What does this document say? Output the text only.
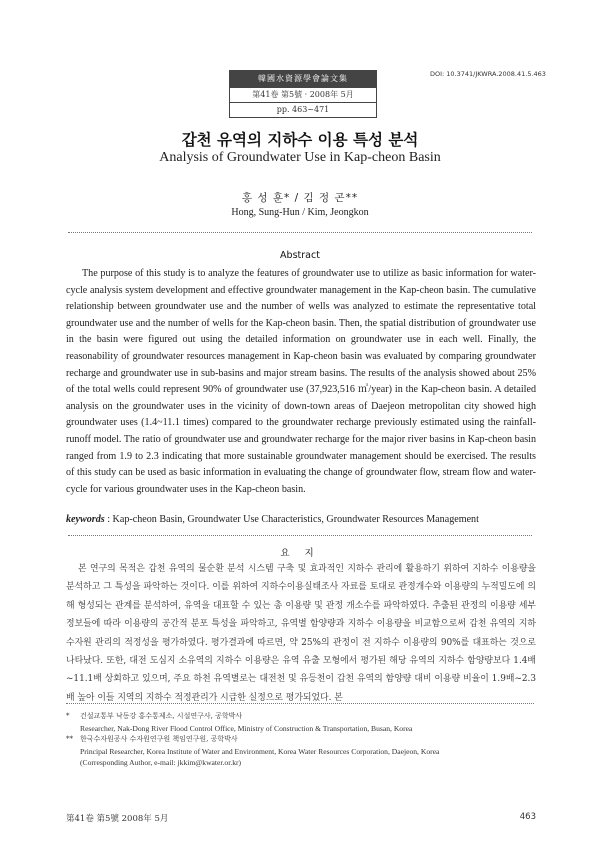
韓國水資源學會論文集
第41卷 第5號 · 2008年 5月
pp. 463~471
DOI: 10.3741/JKWRA.2008.41.5.463
갑천 유역의 지하수 이용 특성 분석
Analysis of Groundwater Use in Kap-cheon Basin
홍 성 훈* / 김 정 곤**
Hong, Sung-Hun / Kim, Jeongkon
Abstract

The purpose of this study is to analyze the features of groundwater use to utilize as basic information for water-cycle analysis system development and effective groundwater management in the Kap-cheon basin. The cumulative relationship between groundwater use and the number of wells was analyzed to estimate the representative total groundwater use and the number of wells for the Kap-cheon basin. Then, the spatial distribution of groundwater use in the basin were figured out using the detailed information on groundwater use in each well. Finally, the reasonability of groundwater resources management in Kap-cheon basin was evaluated by comparing groundwater recharge and groundwater use in sub-basins and major stream basins. The results of the analysis showed about 25% of the total wells could represent 90% of groundwater use (37,923,516 ㎥/year) in the Kap-cheon basin. A detailed analysis on the groundwater uses in the vicinity of down-town areas of Daejeon metropolitan city showed high groundwater uses (1.4~11.1 times) compared to the groundwater recharge previously estimated using the rainfall-runoff model. The ratio of groundwater use and groundwater recharge for the major river basins in Kap-cheon basin ranged from 1.9 to 2.3 indicating that more sustainable groundwater management should be exercised. The results of this study can be used as basic information in evaluating the change of groundwater flow, stream flow and water-cycle for various groundwater uses in the Kap-cheon basin.

keywords : Kap-cheon Basin, Groundwater Use Characteristics, Groundwater Resources Management
요 지

본 연구의 목적은 갑천 유역의 물순환 분석 시스템 구축 및 효과적인 지하수 관리에 활용하기 위하여 지하수 이용량을 분석하고 그 특성을 파악하는 것이다. 이를 위하여 지하수이용실태조사 자료를 토대로 관정개수와 이용량의 누적밀도에 의해 형성되는 관계를 분석하여, 유역을 대표할 수 있는 총 이용량 및 관정 개소수를 파악하였다. 추출된 관정의 이용량 세부정보들에 따라 이용량의 공간적 분포 특성을 파악하고, 유역별 함양량과 지하수 이용량을 비교함으로써 갑천 유역의 지하수자원 관리의 적정성을 평가하였다. 평가결과에 따르면, 약 25%의 관정이 전 지하수 이용량의 90%를 대표하는 것으로 나타났다. 또한, 대전 도심지 소유역의 지하수 이용량은 유역 유출 모형에서 평가된 해당 유역의 지하수 함양량보다 1.4배~11.1배 상회하고 있으며, 주요 하천 유역별로는 대전천 및 유등천이 갑천 유역의 함양량 대비 이용량 비율이 1.9배~2.3배 높아 이들 지역의 지하수 적정관리가 시급한 실정으로 평가되었다. 본

*	건설교통부 낙동강 홍수통제소, 시설연구사, 공학박사
Researcher, Nak-Dong River Flood Control Office, Ministry of Construction & Transportation, Busan, Korea
**	한국수자원공사 수자원연구원 책임연구원, 공학박사
Principal Researcher, Korea Institute of Water and Environment, Korea Water Resources Corporation, Daejeon, Korea
(Corresponding Author, e-mail: jkkim@kwater.or.kr)
第41卷 第5號 2008年 5月	463
